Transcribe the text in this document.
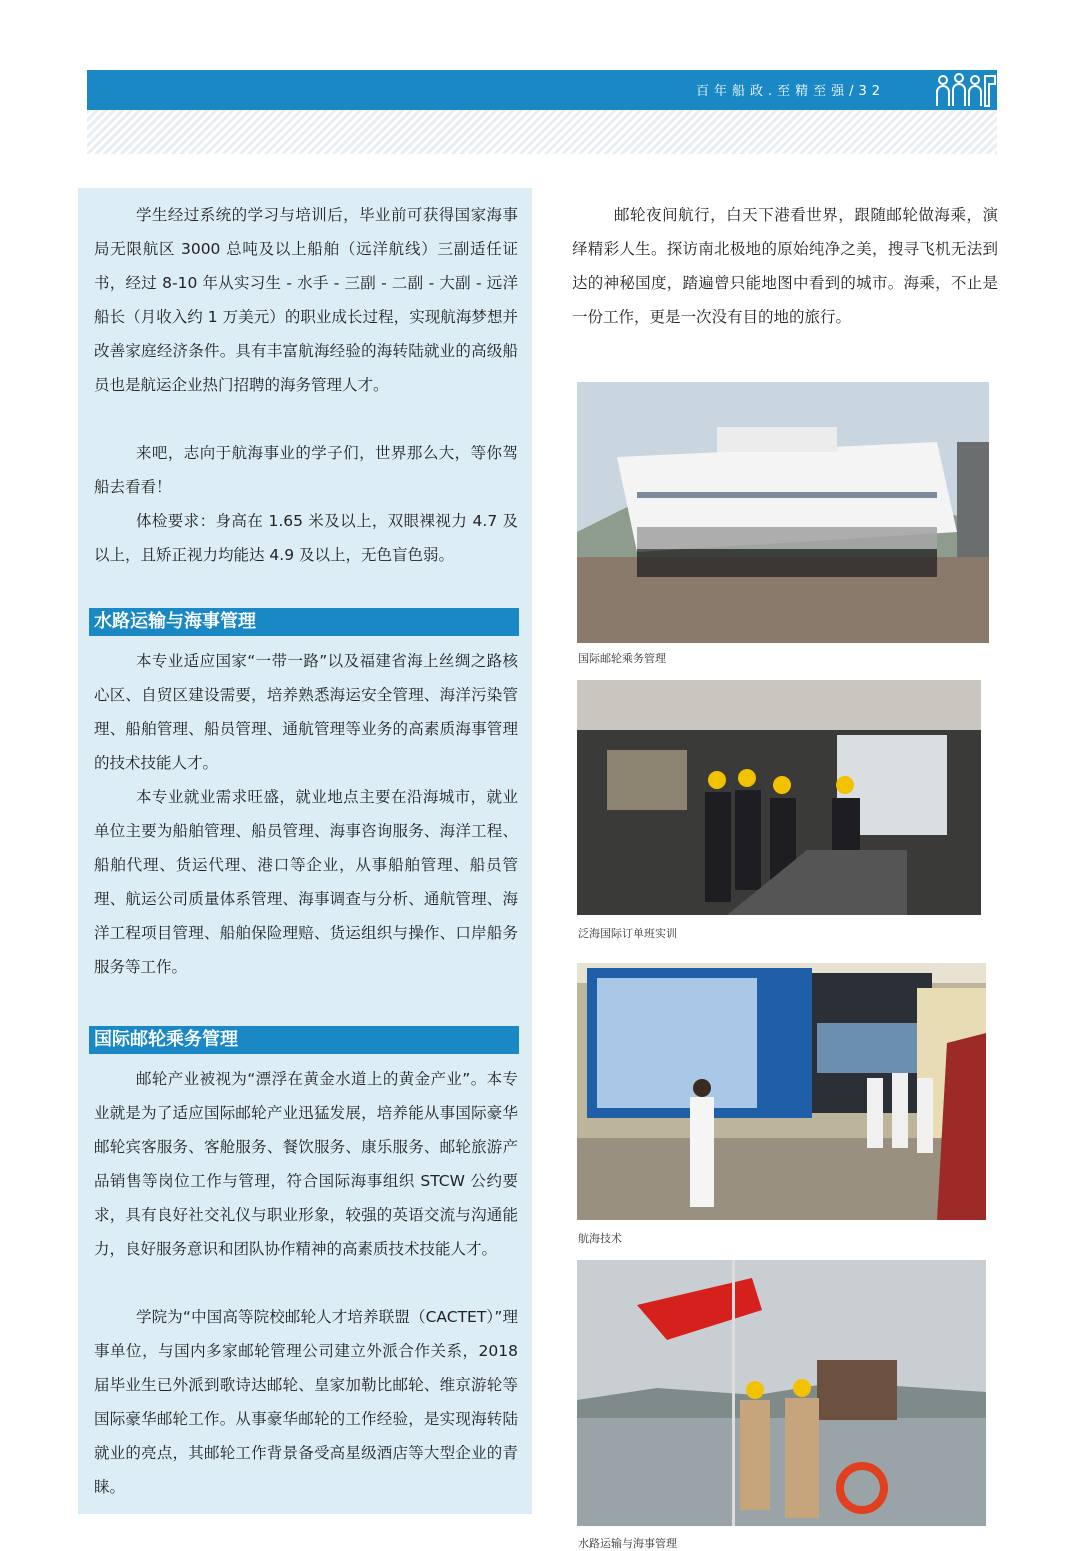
百年船政.至精至强/32

学生经过系统的学习与培训后，毕业前可获得国家海事局无限航区 3000 总吨及以上船舶（远洋航线）三副适任证书，经过 8-10 年从实习生 - 水手 - 三副 - 二副 - 大副 - 远洋船长（月收入约 1 万美元）的职业成长过程，实现航海梦想并改善家庭经济条件。具有丰富航海经验的海转陆就业的高级船员也是航运企业热门招聘的海务管理人才。

来吧，志向于航海事业的学子们，世界那么大，等你驾船去看看！

体检要求：身高在 1.65 米及以上，双眼裸视力 4.7 及以上，且矫正视力均能达 4.9 及以上，无色盲色弱。

水路运输与海事管理

本专业适应国家“一带一路”以及福建省海上丝绸之路核心区、自贸区建设需要，培养熟悉海运安全管理、海洋污染管理、船舶管理、船员管理、通航管理等业务的高素质海事管理的技术技能人才。

本专业就业需求旺盛，就业地点主要在沿海城市，就业单位主要为船舶管理、船员管理、海事咨询服务、海洋工程、船舶代理、货运代理、港口等企业，从事船舶管理、船员管理、航运公司质量体系管理、海事调查与分析、通航管理、海洋工程项目管理、船舶保险理赔、货运组织与操作、口岸船务服务等工作。

国际邮轮乘务管理

邮轮产业被视为“漂浮在黄金水道上的黄金产业”。本专业就是为了适应国际邮轮产业迅猛发展，培养能从事国际豪华邮轮宾客服务、客舱服务、餐饮服务、康乐服务、邮轮旅游产品销售等岗位工作与管理，符合国际海事组织 STCW 公约要求，具有良好社交礼仪与职业形象，较强的英语交流与沟通能力，良好服务意识和团队协作精神的高素质技术技能人才。

学院为“中国高等院校邮轮人才培养联盟（CACTET）”理事单位，与国内多家邮轮管理公司建立外派合作关系，2018 届毕业生已外派到歌诗达邮轮、皇家加勒比邮轮、维京游轮等国际豪华邮轮工作。从事豪华邮轮的工作经验，是实现海转陆就业的亮点，其邮轮工作背景备受高星级酒店等大型企业的青睐。

邮轮夜间航行，白天下港看世界，跟随邮轮做海乘，演绎精彩人生。探访南北极地的原始纯净之美，搜寻飞机无法到达的神秘国度，踏遍曾只能地图中看到的城市。海乘，不止是一份工作，更是一次没有目的地的旅行。

国际邮轮乘务管理
泛海国际订单班实训
航海技术
水路运输与海事管理
